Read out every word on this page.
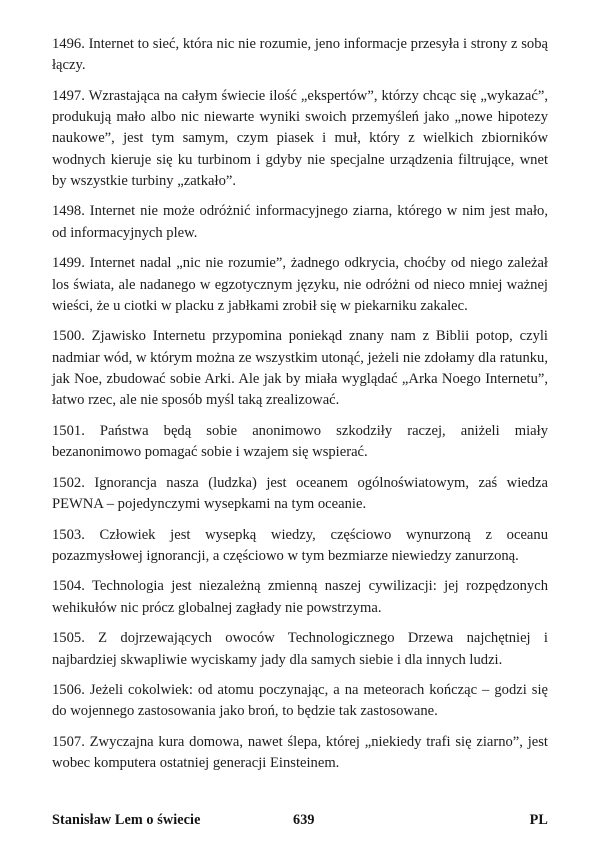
1496. Internet to sieć, która nic nie rozumie, jeno informacje przesyła i strony z sobą łączy.

1497. Wzrastająca na całym świecie ilość „ekspertów”, którzy chcąc się „wykazać”, produkują mało albo nic niewarte wyniki swoich przemyśleń jako „nowe hipotezy naukowe”, jest tym samym, czym piasek i muł, który z wielkich zbiorników wodnych kieruje się ku turbinom i gdyby nie specjalne urządzenia filtrujące, wnet by wszystkie turbiny „zatkało”.

1498. Internet nie może odróżnić informacyjnego ziarna, którego w nim jest mało, od informacyjnych plew.

1499. Internet nadal „nic nie rozumie”, żadnego odkrycia, choćby od niego zależał los świata, ale nadanego w egzotycznym języku, nie odróżni od nieco mniej ważnej wieści, że u ciotki w placku z jabłkami zrobił się w piekarniku zakalec.

1500. Zjawisko Internetu przypomina poniekąd znany nam z Biblii potop, czyli nadmiar wód, w którym można ze wszystkim utonąć, jeżeli nie zdołamy dla ratunku, jak Noe, zbudować sobie Arki. Ale jak by miała wyglądać „Arka Noego Internetu”, łatwo rzec, ale nie sposób myśl taką zrealizować.

1501. Państwa będą sobie anonimowo szkodziły raczej, aniżeli miały bezanonimowo pomagać sobie i wzajem się wspierać.

1502. Ignorancja nasza (ludzka) jest oceanem ogólnoświatowym, zaś wiedza PEWNA – pojedynczymi wysepkami na tym oceanie.

1503. Człowiek jest wysepką wiedzy, częściowo wynurzoną z oceanu pozazmysłowej ignorancji, a częściowo w tym bezmiarze niewiedzy zanurzoną.

1504. Technologia jest niezależną zmienną naszej cywilizacji: jej rozpędzonych wehikułów nic prócz globalnej zagłady nie powstrzyma.

1505. Z dojrzewających owoców Technologicznego Drzewa najchętniej i najbardziej skwapliwie wyciskamy jady dla samych siebie i dla innych ludzi.

1506. Jeżeli cokolwiek: od atomu poczynając, a na meteorach kończąc – godzi się do wojennego zastosowania jako broń, to będzie tak zastosowane.

1507. Zwyczajna kura domowa, nawet ślepa, której „niekiedy trafi się ziarno”, jest wobec komputera ostatniej generacji Einsteinem.

Stanisław Lem o świecie	639	PL
